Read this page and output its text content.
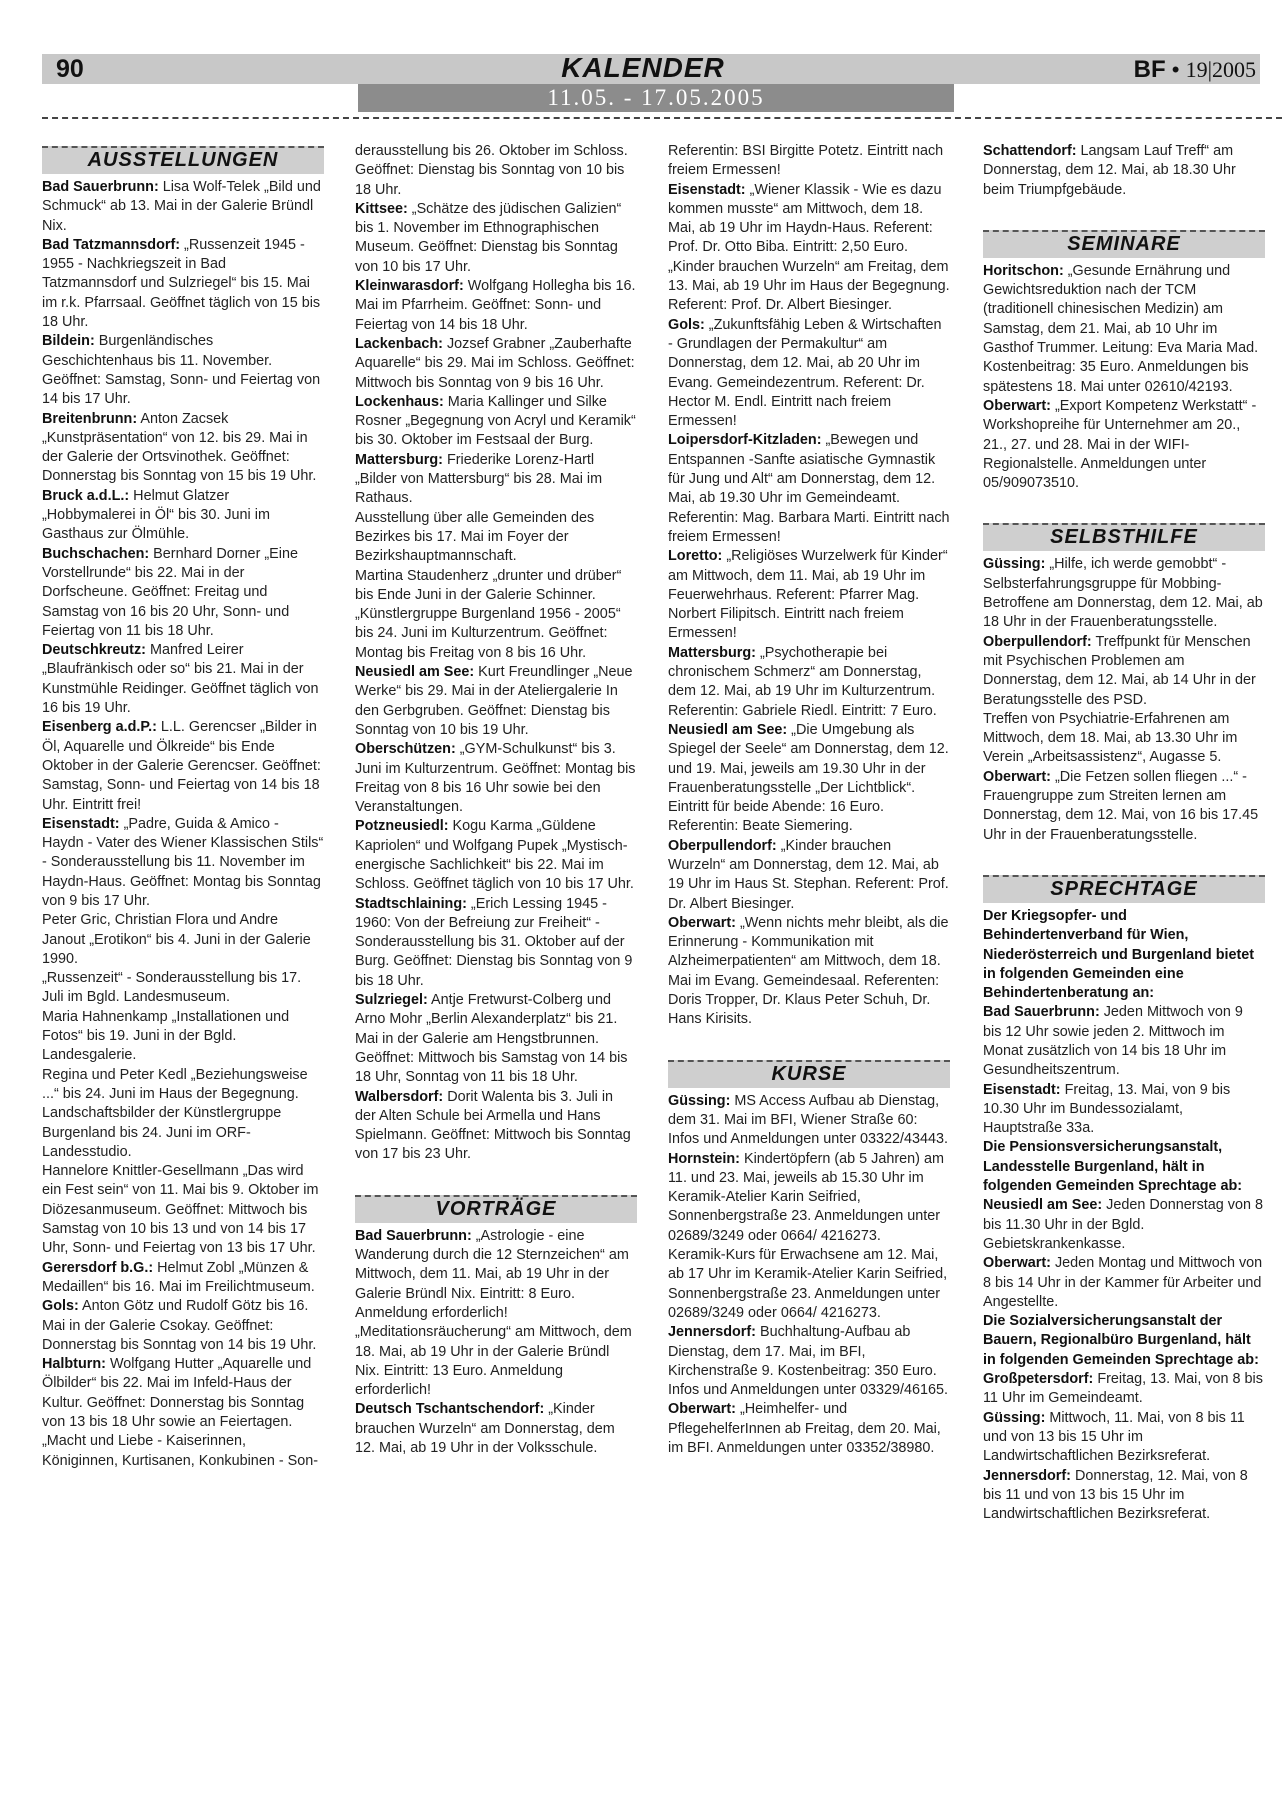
90	KALENDER
11.05. - 17.05.2005
BF • 19|2005
AUSSTELLUNGEN

Bad Sauerbrunn: Lisa Wolf-Telek „Bild und Schmuck“ ab 13. Mai in der Galerie Bründl Nix.

Bad Tatzmannsdorf: „Russenzeit 1945 - 1955 - Nachkriegszeit in Bad Tatzmannsdorf und Sulzriegel“ bis 15. Mai im r.k. Pfarrsaal. Geöffnet täglich von 15 bis 18 Uhr.

Bildein: Burgenländisches Geschichtenhaus bis 11. November. Geöffnet: Samstag, Sonn- und Feiertag von 14 bis 17 Uhr.

Breitenbrunn: Anton Zacsek „Kunstpräsentation“ von 12. bis 29. Mai in der Galerie der Ortsvinothek. Geöffnet: Donnerstag bis Sonntag von 15 bis 19 Uhr.

Bruck a.d.L.: Helmut Glatzer „Hobbymalerei in Öl“ bis 30. Juni im Gasthaus zur Ölmühle.

Buchschachen: Bernhard Dorner „Eine Vorstellrunde“ bis 22. Mai in der Dorfscheune. Geöffnet: Freitag und Samstag von 16 bis 20 Uhr, Sonn- und Feiertag von 11 bis 18 Uhr.

Deutschkreutz: Manfred Leirer „Blaufränkisch oder so“ bis 21. Mai in der Kunstmühle Reidinger. Geöffnet täglich von 16 bis 19 Uhr.

Eisenberg a.d.P.: L.L. Gerencser „Bilder in Öl, Aquarelle und Ölkreide“ bis Ende Oktober in der Galerie Gerencser. Geöffnet: Samstag, Sonn- und Feiertag von 14 bis 18 Uhr. Eintritt frei!

Eisenstadt: „Padre, Guida & Amico - Haydn - Vater des Wiener Klassischen Stils“ - Sonderausstellung bis 11. November im Haydn-Haus. Geöffnet: Montag bis Sonntag von 9 bis 17 Uhr.

Peter Gric, Christian Flora und Andre Janout „Erotikon“ bis 4. Juni in der Galerie 1990.

„Russenzeit“ - Sonderausstellung bis 17. Juli im Bgld. Landesmuseum.

Maria Hahnenkamp „Installationen und Fotos“ bis 19. Juni in der Bgld. Landesgalerie.

Regina und Peter Kedl „Beziehungsweise ...“ bis 24. Juni im Haus der Begegnung.

Landschaftsbilder der Künstlergruppe Burgenland bis 24. Juni im ORF-Landesstudio.

Hannelore Knittler-Gesellmann „Das wird ein Fest sein“ von 11. Mai bis 9. Oktober im Diözesanmuseum. Geöffnet: Mittwoch bis Samstag von 10 bis 13 und von 14 bis 17 Uhr, Sonn- und Feiertag von 13 bis 17 Uhr.

Gerersdorf b.G.: Helmut Zobl „Münzen & Medaillen“ bis 16. Mai im Freilichtmuseum.

Gols: Anton Götz und Rudolf Götz bis 16. Mai in der Galerie Csokay. Geöffnet: Donnerstag bis Sonntag von 14 bis 19 Uhr.

Halbturn: Wolfgang Hutter „Aquarelle und Ölbilder“ bis 22. Mai im Infeld-Haus der Kultur. Geöffnet: Donnerstag bis Sonntag von 13 bis 18 Uhr sowie an Feiertagen.

„Macht und Liebe - Kaiserinnen, Königinnen, Kurtisanen, Konkubinen - Son-

derausstellung bis 26. Oktober im Schloss. Geöffnet: Dienstag bis Sonntag von 10 bis 18 Uhr.

Kittsee: „Schätze des jüdischen Galizien“ bis 1. November im Ethnographischen Museum. Geöffnet: Dienstag bis Sonntag von 10 bis 17 Uhr.

Kleinwarasdorf: Wolfgang Hollegha bis 16. Mai im Pfarrheim. Geöffnet: Sonn- und Feiertag von 14 bis 18 Uhr.

Lackenbach: Jozsef Grabner „Zauberhafte Aquarelle“ bis 29. Mai im Schloss. Geöffnet: Mittwoch bis Sonntag von 9 bis 16 Uhr.

Lockenhaus: Maria Kallinger und Silke Rosner „Begegnung von Acryl und Keramik“ bis 30. Oktober im Festsaal der Burg.

Mattersburg: Friederike Lorenz-Hartl „Bilder von Mattersburg“ bis 28. Mai im Rathaus.

Ausstellung über alle Gemeinden des Bezirkes bis 17. Mai im Foyer der Bezirkshauptmannschaft.

Martina Staudenherz „drunter und drüber“ bis Ende Juni in der Galerie Schinner.

„Künstlergruppe Burgenland 1956 - 2005“ bis 24. Juni im Kulturzentrum. Geöffnet: Montag bis Freitag von 8 bis 16 Uhr.

Neusiedl am See: Kurt Freundlinger „Neue Werke“ bis 29. Mai in der Ateliergalerie In den Gerbgruben. Geöffnet: Dienstag bis Sonntag von 10 bis 19 Uhr.

Oberschützen: „GYM-Schulkunst“ bis 3. Juni im Kulturzentrum. Geöffnet: Montag bis Freitag von 8 bis 16 Uhr sowie bei den Veranstaltungen.

Potzneusiedl: Kogu Karma „Güldene Kapriolen“ und Wolfgang Pupek „Mystisch-energische Sachlichkeit“ bis 22. Mai im Schloss. Geöffnet täglich von 10 bis 17 Uhr.

Stadtschlaining: „Erich Lessing 1945 - 1960: Von der Befreiung zur Freiheit“ - Sonderausstellung bis 31. Oktober auf der Burg. Geöffnet: Dienstag bis Sonntag von 9 bis 18 Uhr.

Sulzriegel: Antje Fretwurst-Colberg und Arno Mohr „Berlin Alexanderplatz“ bis 21. Mai in der Galerie am Hengstbrunnen. Geöffnet: Mittwoch bis Samstag von 14 bis 18 Uhr, Sonntag von 11 bis 18 Uhr.

Walbersdorf: Dorit Walenta bis 3. Juli in der Alten Schule bei Armella und Hans Spielmann. Geöffnet: Mittwoch bis Sonntag von 17 bis 23 Uhr.

VORTRÄGE

Bad Sauerbrunn: „Astrologie - eine Wanderung durch die 12 Sternzeichen“ am Mittwoch, dem 11. Mai, ab 19 Uhr in der Galerie Bründl Nix. Eintritt: 8 Euro. Anmeldung erforderlich!

„Meditationsräucherung“ am Mittwoch, dem 18. Mai, ab 19 Uhr in der Galerie Bründl Nix. Eintritt: 13 Euro. Anmeldung erforderlich!

Deutsch Tschantschendorf: „Kinder brauchen Wurzeln“ am Donnerstag, dem 12. Mai, ab 19 Uhr in der Volksschule.

Referentin: BSI Birgitte Potetz. Eintritt nach freiem Ermessen!

Eisenstadt: „Wiener Klassik - Wie es dazu kommen musste“ am Mittwoch, dem 18. Mai, ab 19 Uhr im Haydn-Haus. Referent: Prof. Dr. Otto Biba. Eintritt: 2,50 Euro.

„Kinder brauchen Wurzeln“ am Freitag, dem 13. Mai, ab 19 Uhr im Haus der Begegnung. Referent: Prof. Dr. Albert Biesinger.

Gols: „Zukunftsfähig Leben & Wirtschaften - Grundlagen der Permakultur“ am Donnerstag, dem 12. Mai, ab 20 Uhr im Evang. Gemeindezentrum. Referent: Dr. Hector M. Endl. Eintritt nach freiem Ermessen!

Loipersdorf-Kitzladen: „Bewegen und Entspannen -Sanfte asiatische Gymnastik für Jung und Alt“ am Donnerstag, dem 12. Mai, ab 19.30 Uhr im Gemeindeamt. Referentin: Mag. Barbara Marti. Eintritt nach freiem Ermessen!

Loretto: „Religiöses Wurzelwerk für Kinder“ am Mittwoch, dem 11. Mai, ab 19 Uhr im Feuerwehrhaus. Referent: Pfarrer Mag. Norbert Filipitsch. Eintritt nach freiem Ermessen!

Mattersburg: „Psychotherapie bei chronischem Schmerz“ am Donnerstag, dem 12. Mai, ab 19 Uhr im Kulturzentrum. Referentin: Gabriele Riedl. Eintritt: 7 Euro.

Neusiedl am See: „Die Umgebung als Spiegel der Seele“ am Donnerstag, dem 12. und 19. Mai, jeweils am 19.30 Uhr in der Frauenberatungsstelle „Der Lichtblick“. Eintritt für beide Abende: 16 Euro. Referentin: Beate Siemering.

Oberpullendorf: „Kinder brauchen Wurzeln“ am Donnerstag, dem 12. Mai, ab 19 Uhr im Haus St. Stephan. Referent: Prof. Dr. Albert Biesinger.

Oberwart: „Wenn nichts mehr bleibt, als die Erinnerung - Kommunikation mit Alzheimerpatienten“ am Mittwoch, dem 18. Mai im Evang. Gemeindesaal. Referenten: Doris Tropper, Dr. Klaus Peter Schuh, Dr. Hans Kirisits.

KURSE

Güssing: MS Access Aufbau ab Dienstag, dem 31. Mai im BFI, Wiener Straße 60: Infos und Anmeldungen unter 03322/43443.

Hornstein: Kindertöpfern (ab 5 Jahren) am 11. und 23. Mai, jeweils ab 15.30 Uhr im Keramik-Atelier Karin Seifried, Sonnenbergstraße 23. Anmeldungen unter 02689/3249 oder 0664/ 4216273.

Keramik-Kurs für Erwachsene am 12. Mai, ab 17 Uhr im Keramik-Atelier Karin Seifried, Sonnenbergstraße 23. Anmeldungen unter 02689/3249 oder 0664/ 4216273.

Jennersdorf: Buchhaltung-Aufbau ab Dienstag, dem 17. Mai, im BFI, Kirchenstraße 9. Kostenbeitrag: 350 Euro. Infos und Anmeldungen unter 03329/46165.

Oberwart: „Heimhelfer- und PflegehelferInnen ab Freitag, dem 20. Mai, im BFI. Anmeldungen unter 03352/38980.

Schattendorf: Langsam Lauf Treff“ am Donnerstag, dem 12. Mai, ab 18.30 Uhr beim Triumpfgebäude.

SEMINARE

Horitschon: „Gesunde Ernährung und Gewichtsreduktion nach der TCM (traditionell chinesischen Medizin) am Samstag, dem 21. Mai, ab 10 Uhr im Gasthof Trummer. Leitung: Eva Maria Mad. Kostenbeitrag: 35 Euro. Anmeldungen bis spätestens 18. Mai unter 02610/42193.

Oberwart: „Export Kompetenz Werkstatt“ - Workshopreihe für Unternehmer am 20., 21., 27. und 28. Mai in der WIFI-Regionalstelle. Anmeldungen unter 05/909073510.

SELBSTHILFE

Güssing: „Hilfe, ich werde gemobbt“ - Selbsterfahrungsgruppe für Mobbing-Betroffene am Donnerstag, dem 12. Mai, ab 18 Uhr in der Frauenberatungsstelle.

Oberpullendorf: Treffpunkt für Menschen mit Psychischen Problemen am Donnerstag, dem 12. Mai, ab 14 Uhr in der Beratungsstelle des PSD.

Treffen von Psychiatrie-Erfahrenen am Mittwoch, dem 18. Mai, ab 13.30 Uhr im Verein „Arbeitsassistenz“, Augasse 5.

Oberwart: „Die Fetzen sollen fliegen ...“ - Frauengruppe zum Streiten lernen am Donnerstag, dem 12. Mai, von 16 bis 17.45 Uhr in der Frauenberatungsstelle.

SPRECHTAGE

Der Kriegsopfer- und Behindertenverband für Wien, Niederösterreich und Burgenland bietet in folgenden Gemeinden eine Behindertenberatung an:

Bad Sauerbrunn: Jeden Mittwoch von 9 bis 12 Uhr sowie jeden 2. Mittwoch im Monat zusätzlich von 14 bis 18 Uhr im Gesundheitszentrum.

Eisenstadt: Freitag, 13. Mai, von 9 bis 10.30 Uhr im Bundessozialamt, Hauptstraße 33a.

Die Pensionsversicherungsanstalt, Landesstelle Burgenland, hält in folgenden Gemeinden Sprechtage ab:

Neusiedl am See: Jeden Donnerstag von 8 bis 11.30 Uhr in der Bgld. Gebietskrankenkasse.

Oberwart: Jeden Montag und Mittwoch von 8 bis 14 Uhr in der Kammer für Arbeiter und Angestellte.

Die Sozialversicherungsanstalt der Bauern, Regionalbüro Burgenland, hält in folgenden Gemeinden Sprechtage ab:

Großpetersdorf: Freitag, 13. Mai, von 8 bis 11 Uhr im Gemeindeamt.

Güssing: Mittwoch, 11. Mai, von 8 bis 11 und von 13 bis 15 Uhr im Landwirtschaftlichen Bezirksreferat.

Jennersdorf: Donnerstag, 12. Mai, von 8 bis 11 und von 13 bis 15 Uhr im Landwirtschaftlichen Bezirksreferat.
